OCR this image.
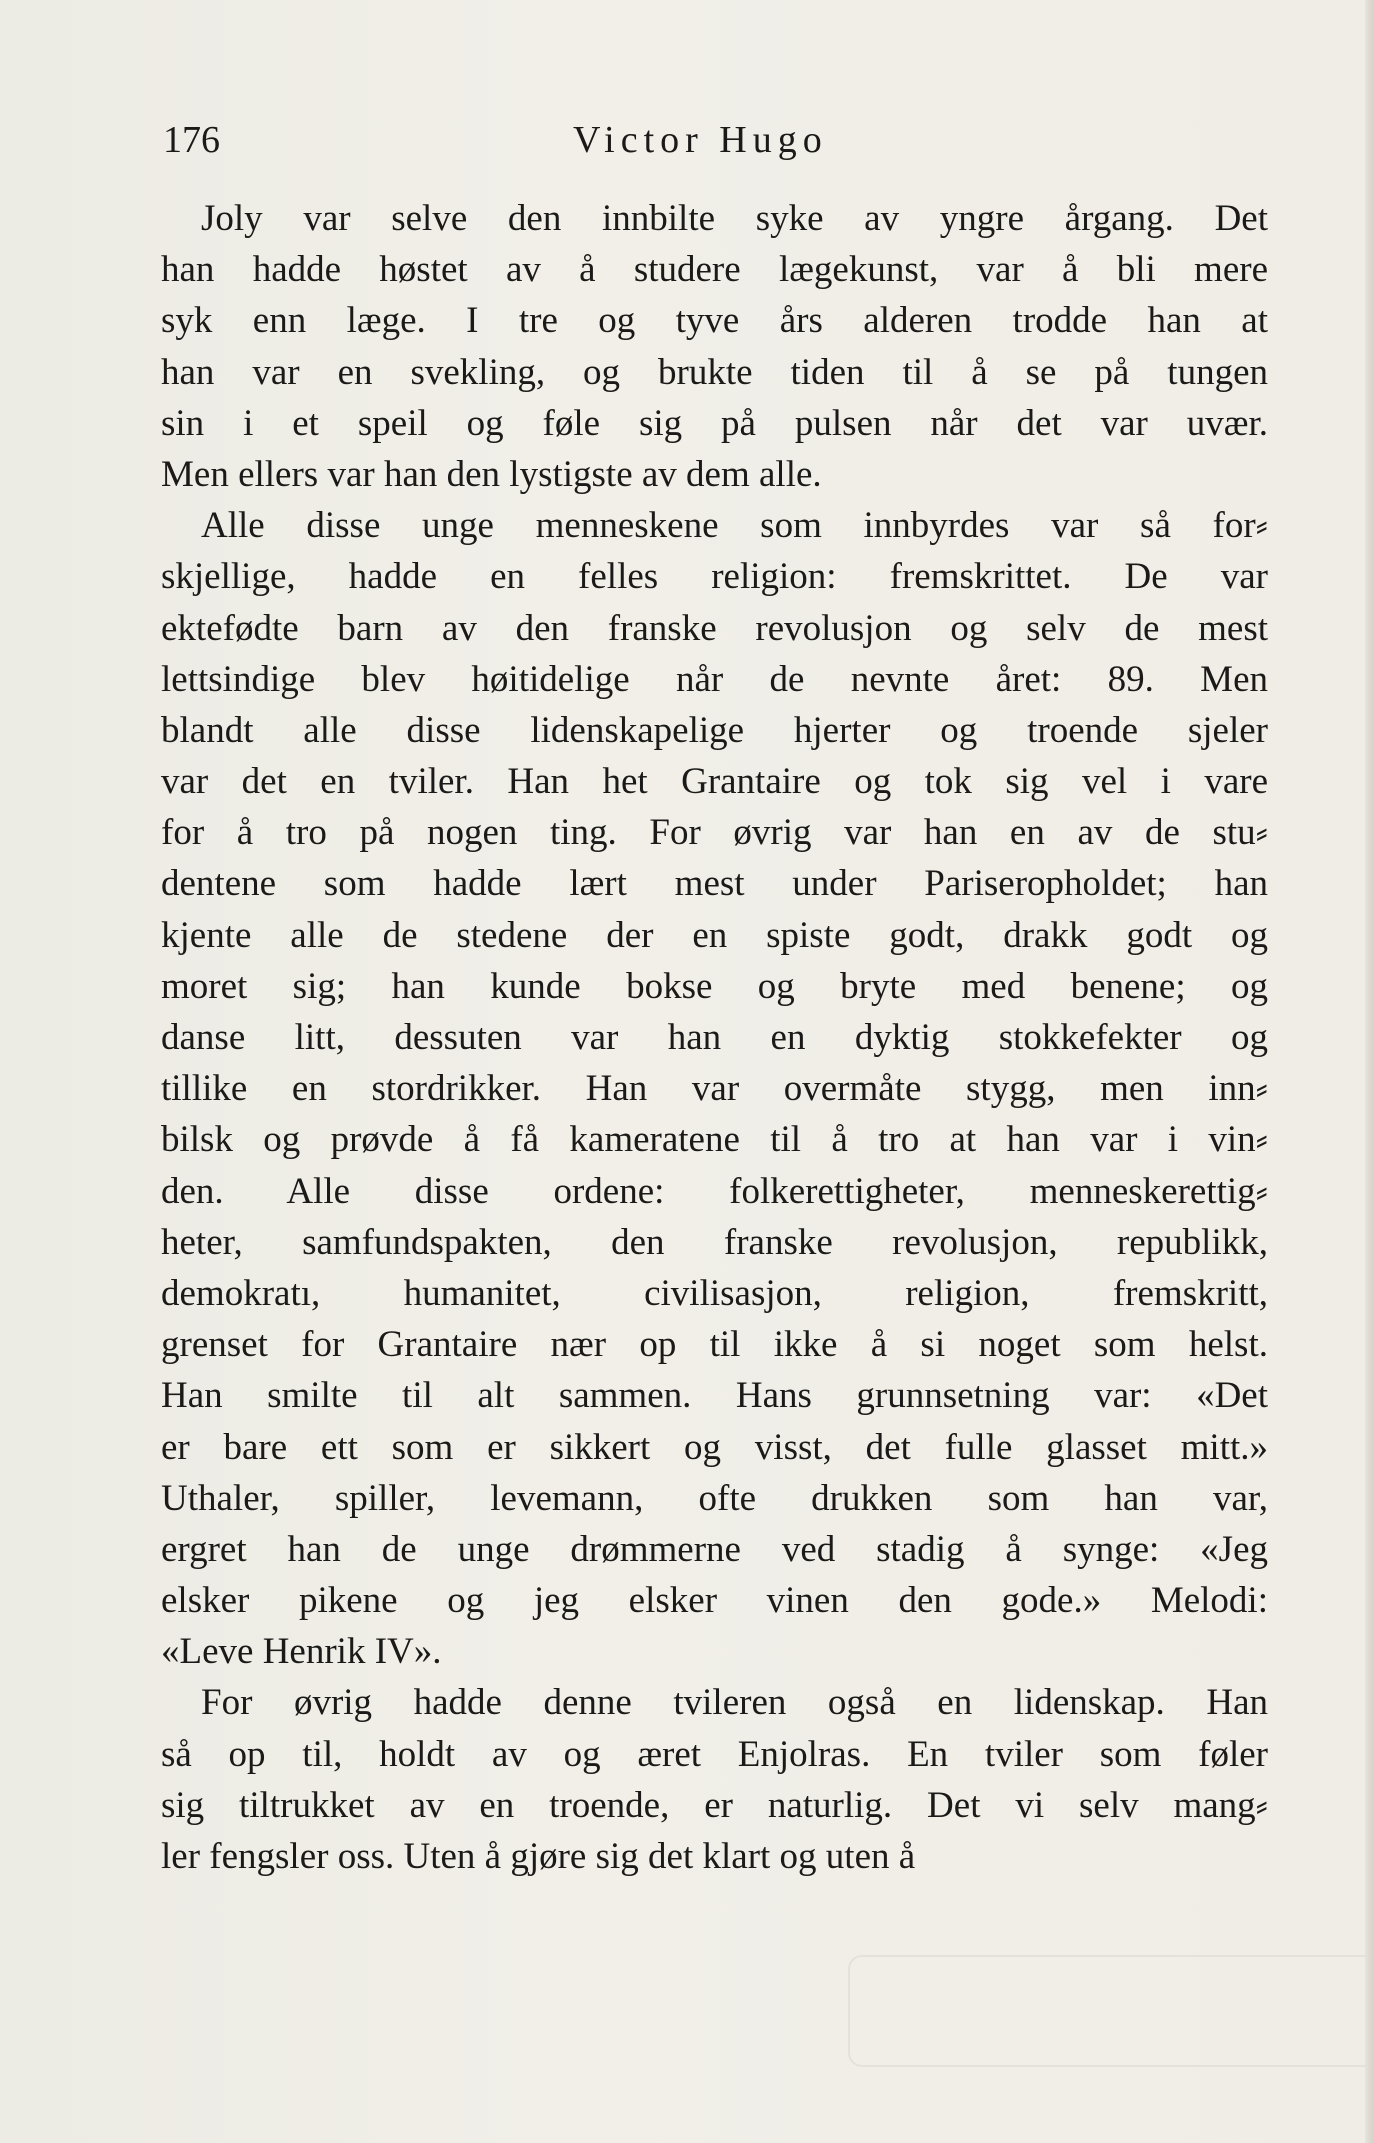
176	Victor Hugo
Joly var selve den innbilte syke av yngre årgang. Det
han hadde høstet av å studere lægekunst, var å bli mere
syk enn læge. I tre og tyve års alderen trodde han at
han var en svekling, og brukte tiden til å se på tungen
sin i et speil og føle sig på pulsen når det var uvær.
Men ellers var han den lystigste av dem alle.
Alle disse unge menneskene som innbyrdes var så for⸗
skjellige, hadde en felles religion: fremskrittet. De var
ektefødte barn av den franske revolusjon og selv de mest
lettsindige blev høitidelige når de nevnte året: 89. Men
blandt alle disse lidenskapelige hjerter og troende sjeler
var det en tviler. Han het Grantaire og tok sig vel i vare
for å tro på nogen ting. For øvrig var han en av de stu⸗
dentene som hadde lært mest under Pariseropholdet; han
kjente alle de stedene der en spiste godt, drakk godt og
moret sig; han kunde bokse og bryte med benene; og
danse litt, dessuten var han en dyktig stokkefekter og
tillike en stordrikker. Han var overmåte stygg, men inn⸗
bilsk og prøvde å få kameratene til å tro at han var i vin⸗
den. Alle disse ordene: folkerettigheter, menneskerettig⸗
heter, samfundspakten, den franske revolusjon, republikk,
demokratı, humanitet, civilisasjon, religion, fremskritt,
grenset for Grantaire nær op til ikke å si noget som helst.
Han smilte til alt sammen. Hans grunnsetning var: «Det
er bare ett som er sikkert og visst, det fulle glasset mitt.»
Uthaler, spiller, levemann, ofte drukken som han var,
ergret han de unge drømmerne ved stadig å synge: «Jeg
elsker pikene og jeg elsker vinen den gode.» Melodi:
«Leve Henrik IV».
For øvrig hadde denne tvileren også en lidenskap. Han
så op til, holdt av og æret Enjolras. En tviler som føler
sig tiltrukket av en troende, er naturlig. Det vi selv mang⸗
ler fengsler oss. Uten å gjøre sig det klart og uten å
